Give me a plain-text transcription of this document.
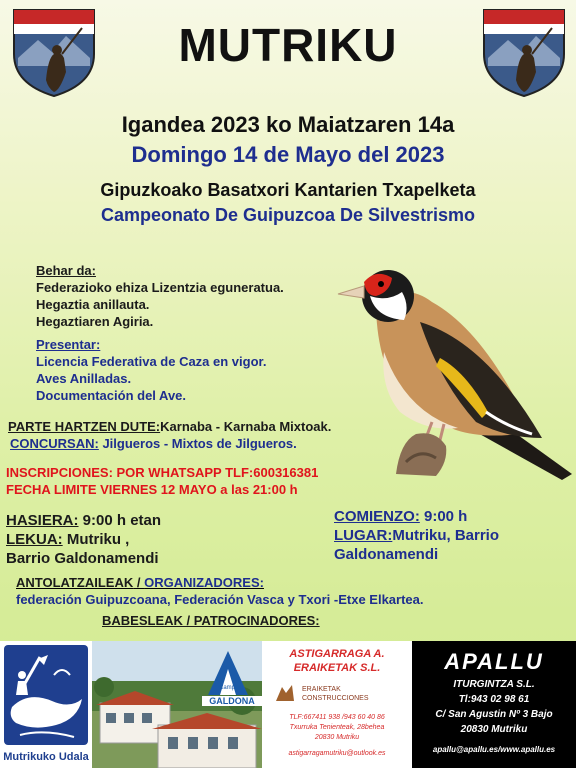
MUTRIKU
Igandea 2023 ko Maiatzaren 14a
Domingo 14 de Mayo del 2023
Gipuzkoako Basatxori Kantarien Txapelketa
Campeonato De Guipuzcoa De Silvestrismo
Behar da:
Federazioko ehiza Lizentzia eguneratua.
Hegaztia anillauta.
Hegaztiaren Agiria.
Presentar:
Licencia Federativa de Caza en vigor.
Aves Anilladas.
Documentación del Ave.
PARTE HARTZEN DUTE:Karnaba - Karnaba Mixtoak.
CONCURSAN: Jilgueros - Mixtos de Jilgueros.
INSCRIPCIONES: POR WHATSAPP TLF:600316381
FECHA LIMITE VIERNES 12 MAYO a las 21:00 h
HASIERA: 9:00 h etan
LEKUA: Mutriku ,
Barrio Galdonamendi
COMIENZO: 9:00 h
LUGAR:Mutriku, Barrio
Galdonamendi
ANTOLATZAILEAK / ORGANIZADORES:
federación Guipuzcoana, Federación Vasca y Txori -Etxe Elkartea.
BABESLEAK / PATROCINADORES:
Mutrikuko Udala
Camping
GALDONA
ASTIGARRAGA A.
ERAIKETAK S.L.
ERAIKETAK
CONSTRUCCIONES
TLF:667411 938 /943 60 40 86
Txurruka Tenienteak, 28behea
20830 Mutriku
astigarragamutriku@outlook.es
APALLU
ITURGINTZA S.L.
Tl:943 02 98 61
C/ San Agustin Nº 3 Bajo
20830 Mutriku
apallu@apallu.es/www.apallu.es
